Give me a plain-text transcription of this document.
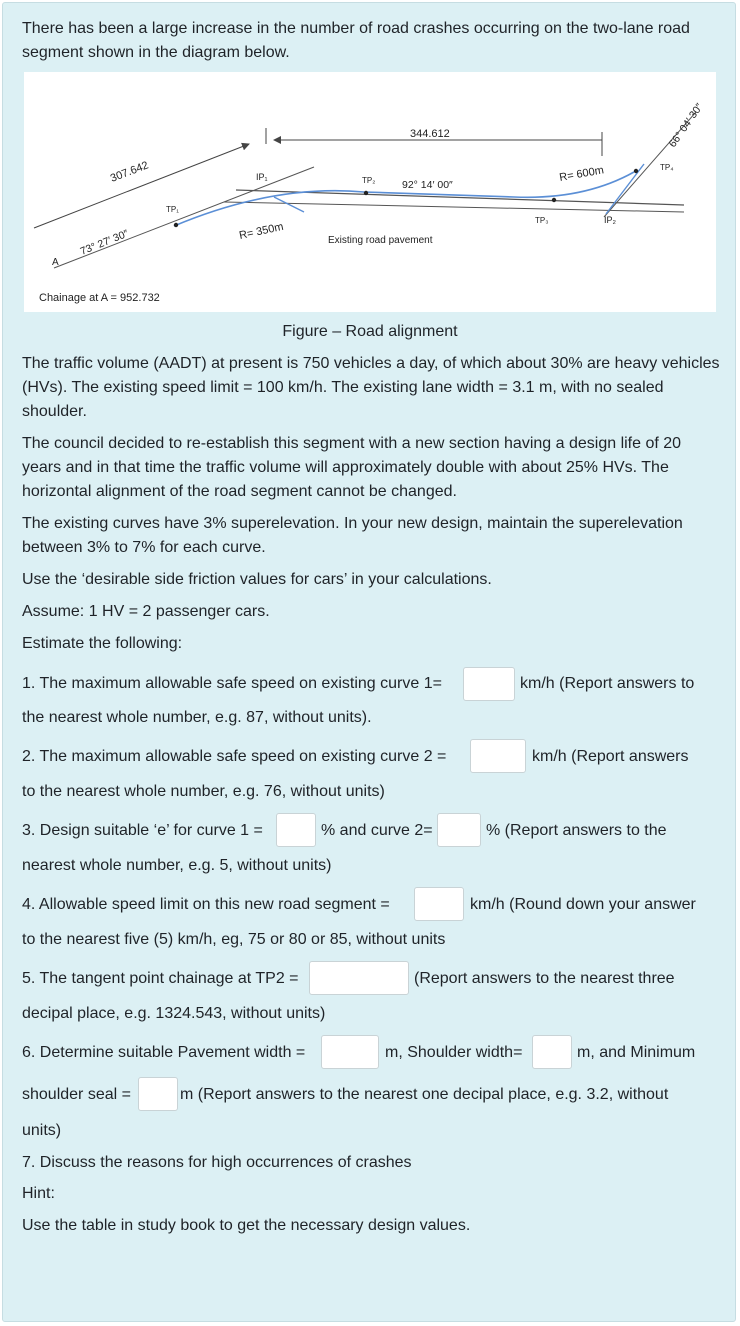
There has been a large increase in the number of road crashes occurring on the two-lane road segment shown in the diagram below.

344.612
307.642
92° 14′ 00″
73° 27′ 30″
66° 04′ 30″
R= 350m
R= 600m
IP₁
IP₂
TP₁
TP₂
TP₃
TP₄
A
Existing road pavement
Chainage at A = 952.732
Figure – Road alignment

The traffic volume (AADT) at present is 750 vehicles a day, of which about 30% are heavy vehicles (HVs). The existing speed limit = 100 km/h. The existing lane width = 3.1 m, with no sealed shoulder.

The council decided to re-establish this segment with a new section having a design life of 20 years and in that time the traffic volume will approximately double with about 25% HVs. The horizontal alignment of the road segment cannot be changed.

The existing curves have 3% superelevation. In your new design, maintain the superelevation between 3% to 7% for each curve.

Use the ‘desirable side friction values for cars’ in your calculations.

Assume: 1 HV = 2 passenger cars.

Estimate the following:

1. The maximum allowable safe speed on existing curve 1=	km/h (Report answers to
the nearest whole number, e.g. 87, without units).
2. The maximum allowable safe speed on existing curve 2 =	km/h (Report answers
to the nearest whole number, e.g. 76, without units)
3. Design suitable ‘e’ for curve 1 =	% and curve 2=	% (Report answers to the
nearest whole number, e.g. 5, without units)
4. Allowable speed limit on this new road segment =	km/h (Round down your answer
to the nearest five (5) km/h, eg, 75 or 80 or 85, without units
5. The tangent point chainage at TP2 =	(Report answers to the nearest three
decipal place, e.g. 1324.543, without units)
6. Determine suitable Pavement width =	m, Shoulder width=	m, and Minimum
shoulder seal =	m (Report answers to the nearest one decipal place, e.g. 3.2, without
units)
7. Discuss the reasons for high occurrences of crashes
Hint:
Use the table in study book to get the necessary design values.
